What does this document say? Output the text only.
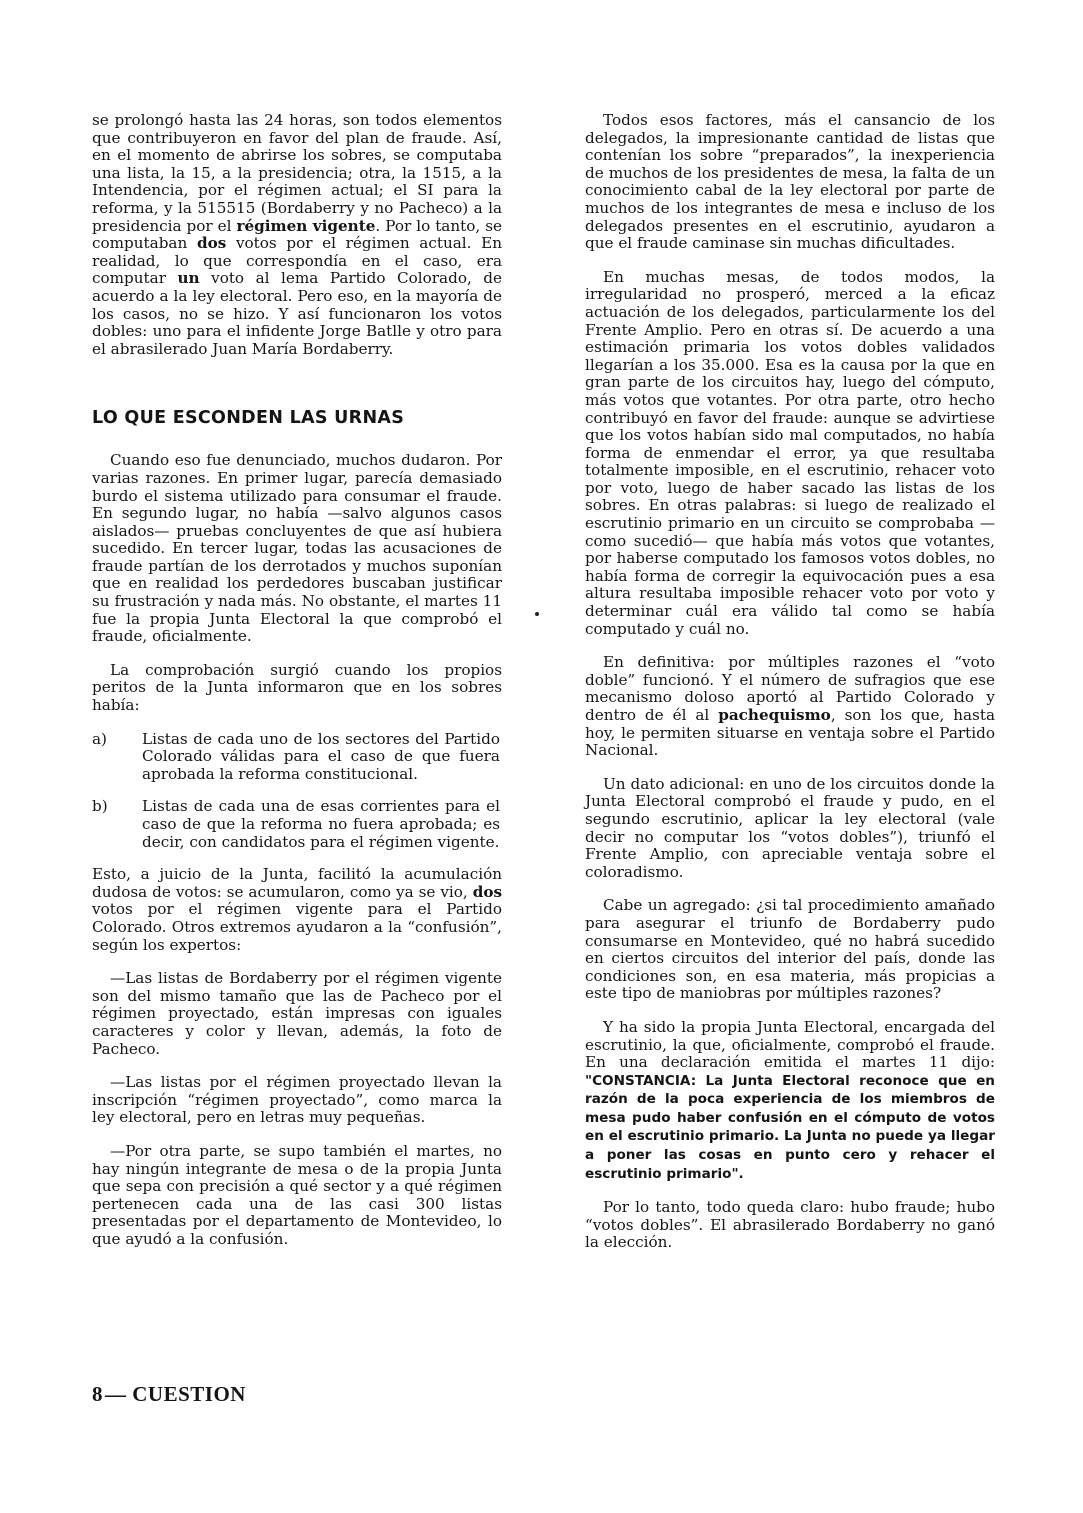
se prolongó hasta las 24 horas, son todos elementos que contribuyeron en favor del plan de fraude. Así, en el momento de abrirse los sobres, se computaba una lista, la 15, a la presidencia; otra, la 1515, a la Intendencia, por el régimen actual; el SI para la reforma, y la 515515 (Bordaberry y no Pacheco) a la presidencia por el régimen vigente. Por lo tanto, se computaban dos votos por el régimen actual. En realidad, lo que correspondía en el caso, era computar un voto al lema Partido Colorado, de acuerdo a la ley electoral. Pero eso, en la mayoría de los casos, no se hizo. Y así funcionaron los votos dobles: uno para el infidente Jorge Batlle y otro para el abrasilerado Juan María Bordaberry.

LO QUE ESCONDEN LAS URNAS

Cuando eso fue denunciado, muchos dudaron. Por varias razones. En primer lugar, parecía demasiado burdo el sistema utilizado para consumar el fraude. En segundo lugar, no había —salvo algunos casos aislados— pruebas concluyentes de que así hubiera sucedido. En tercer lugar, todas las acusaciones de fraude partían de los derrotados y muchos suponían que en realidad los perdedores buscaban justificar su frustración y nada más. No obstante, el martes 11 fue la propia Junta Electoral la que comprobó el fraude, oficialmente.

La comprobación surgió cuando los propios peritos de la Junta informaron que en los sobres había:

a)	Listas de cada uno de los sectores del Partido Colorado válidas para el caso de que fuera aprobada la reforma constitucional.
b)	Listas de cada una de esas corrientes para el caso de que la reforma no fuera aprobada; es decir, con candidatos para el régimen vigente.

Esto, a juicio de la Junta, facilitó la acumulación dudosa de votos: se acumularon, como ya se vio, dos votos por el régimen vigente para el Partido Colorado. Otros extremos ayudaron a la “confusión”, según los expertos:

—Las listas de Bordaberry por el régimen vigente son del mismo tamaño que las de Pacheco por el régimen proyectado, están impresas con iguales caracteres y color y llevan, además, la foto de Pacheco.

—Las listas por el régimen proyectado llevan la inscripción “régimen proyectado”, como marca la ley electoral, pero en letras muy pequeñas.

—Por otra parte, se supo también el martes, no hay ningún integrante de mesa o de la propia Junta que sepa con precisión a qué sector y a qué régimen pertenecen cada una de las casi 300 listas presentadas por el departamento de Montevideo, lo que ayudó a la confusión.

Todos esos factores, más el cansancio de los delegados, la impresionante cantidad de listas que contenían los sobre “preparados”, la inexperiencia de muchos de los presidentes de mesa, la falta de un conocimiento cabal de la ley electoral por parte de muchos de los integrantes de mesa e incluso de los delegados presentes en el escrutinio, ayudaron a que el fraude caminase sin muchas dificultades.

En muchas mesas, de todos modos, la irregularidad no prosperó, merced a la eficaz actuación de los delegados, particularmente los del Frente Amplio. Pero en otras sí. De acuerdo a una estimación primaria los votos dobles validados llegarían a los 35.000. Esa es la causa por la que en gran parte de los circuitos hay, luego del cómputo, más votos que votantes. Por otra parte, otro hecho contribuyó en favor del fraude: aunque se advirtiese que los votos habían sido mal computados, no había forma de enmendar el error, ya que resultaba totalmente imposible, en el escrutinio, rehacer voto por voto, luego de haber sacado las listas de los sobres. En otras palabras: si luego de realizado el escrutinio primario en un circuito se comprobaba —como sucedió— que había más votos que votantes, por haberse computado los famosos votos dobles, no había forma de corregir la equivocación pues a esa altura resultaba imposible rehacer voto por voto y determinar cuál era válido tal como se había computado y cuál no.

En definitiva: por múltiples razones el “voto doble” funcionó. Y el número de sufragios que ese mecanismo doloso aportó al Partido Colorado y dentro de él al pachequismo, son los que, hasta hoy, le permiten situarse en ventaja sobre el Partido Nacional.

Un dato adicional: en uno de los circuitos donde la Junta Electoral comprobó el fraude y pudo, en el segundo escrutinio, aplicar la ley electoral (vale decir no computar los “votos dobles”), triunfó el Frente Amplio, con apreciable ventaja sobre el coloradismo.

Cabe un agregado: ¿si tal procedimiento amañado para asegurar el triunfo de Bordaberry pudo consumarse en Montevideo, qué no habrá sucedido en ciertos circuitos del interior del país, donde las condiciones son, en esa materia, más propicias a este tipo de maniobras por múltiples razones?

Y ha sido la propia Junta Electoral, encargada del escrutinio, la que, oficialmente, comprobó el fraude. En una declaración emitida el martes 11 dijo: "CONSTANCIA: La Junta Electoral reconoce que en razón de la poca experiencia de los miembros de mesa pudo haber confusión en el cómputo de votos en el escrutinio primario. La Junta no puede ya llegar a poner las cosas en punto cero y rehacer el escrutinio primario".

Por lo tanto, todo queda claro: hubo fraude; hubo “votos dobles”. El abrasilerado Bordaberry no ganó la elección.

8— CUESTION
